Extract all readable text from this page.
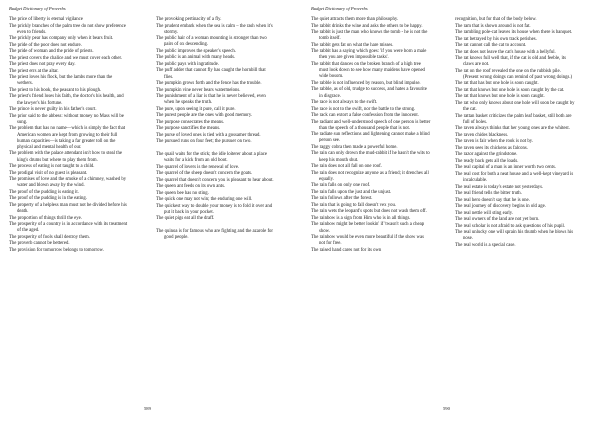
Budget Dictionary of Proverbs
The price of liberty is eternal vigilance
The prickly branches of the palm tree do not show preference even to friends.
The prickly pear has company only when it bears fruit.
The pride of the poor does not endure.
The pride of woman and the pride of priests.
The priest covers the chalice and we must cover each other.
The priest does not pray every day.
The priest errs at the altar.
The priest loves his flock, but the lambs more than the wethers.
The priest to his book, the peasant to his plough.
The priest's friend loses his faith, the doctor's his health, and the lawyer's his fortune.
The prince is never guilty in his father's court.
The prior said to the abbess: without money no Mass will be sung.
The problem that has no name—which is simply the fact that American women are kept from growing to their full human capacities—is taking a far greater toll on the physical and mental health of our.
The problem with the palace attendant isn't how to steal the king's drums but where to play them from.
The process of eating is not taught to a child.
The prodigal visit of no guest is pleasant.
The promises of love and the smoke of a chimney, washed by water and blown away by the wind.
The proof of the pudding is eating it.
The proof of the pudding is in the eating.
The property of a helpless man must not be divided before his death.
The proportion of things thrill the eye.
The prosperity of a country is in accordance with its treatment of the aged.
The prosperity of fools shall destroy them.
The proverb cannot be bettered.
The provision for tomorrow belongs to tomorrow.
The provoking pertinacity of a fly.
The prudent embark when the sea is calm – the rash when it's stormy.
The public hair of a woman mounting is stronger than two pairs of ox descending.
The public improves the speaker's speech.
The public is an animal with many heads.
The public pays with ingratitude.
The puff adder that cannot fly has caught the hornbill that flies.
The pumpkin grows forth and the fence has the trouble.
The pumpkin vine never bears watermelons.
The punishment of a liar is that he is never believed, even when he speaks the truth.
The pure, upon seeing it pure, call it pure.
The purest people are the ones with good memory.
The purpose consecrates the means.
The purpose sanctifies the means.
The purse of loved ones is tied with a gossamer thread.
The pursued runs on four feet; the pursuer on two.
The quail waits for the stick; the idle loiterer about a place waits for a kick from an old boot.
The quarrel of lovers is the renewal of love.
The quarrel of the sheep doesn't concern the goats.
The quarrel that doesn't concern you is pleasant to hear about.
The queen ant feeds on its own ants.
The queen bee has no sting.
The quick one may not win; the enduring one will.
The quickest way to double your money is to fold it over and put it back in your pocket.
The quiet pigs eat all the draff.
The quinoa is for famous who are fighting and the azarole for good people.
589
Budget Dictionary of Proverbs
The quiet attracts them more than philosophy.
The rabbit drinks the wine and asks the others to be happy.
The rabbit is just the man who knows the tomb - he is not the tomb itself.
The rabbit gets fat on what the hare misses.
The rabbit has a saying which goes: 'if you were born a male then you are given impossible tasks'.
The rabbit that dances on the broken branch of a high tree must look down to see how many maidens have opened wide bosom.
The rabble is not influenced by reason, but blind impulse.
The rabble, as of old, trudge to success, and hates a favourite in disgrace.
The race is not always to the swift.
The race is not to the swift, nor the battle to the strong.
The rack can extort a false confession from the innocent.
The radiant and well-understood speech of one person is better than the speech of a thousand people that is not.
The radiate sun reflections and lightening cannot make a blind person see.
The raggy cobra then made a powerful home.
The rain can only drown the mud-rabbit if he hasn't the wits to keep his mouth shut.
The rain does not all fall on one roof.
The rain does not recognize anyone as a friend; it drenches all equally.
The rain falls on only one roof.
The rain falls upon the just and the unjust.
The rain follows after the forest.
The rain that is going to fall doesn't vex you.
The rain wets the leopard's spots but does not wash them off.
The rainbow is a sign from Him who is in all things.
The rainbow might be better lookin' if 'twasn't such a cheap show.
The rainbow would be even more beautiful if the show was not for free.
The raised hand cares not for its own
recognition, but for that of the body below.
The ram that is shown around is not fat.
The rambling pole-cat leaves its house when there is banquet.
The rat betrayed by his own track perishes.
The rat cannot call the cat to account.
The rat does not leave the cat's house with a bellyful.
The rat knows full well that, if the cat is old and feeble, its claws are not.
The rat on the roof revealed the one on the rubbish pile. (Present wrong doings can remind of past wrong doings.)
The rat that has but one hole is soon caught.
The rat that knows but one hole is soon caught by the cat.
The rat that knows but one hole is soon caught.
The rat who only knows about one hole will soon be caught by the cat.
The rattan basket criticizes the palm leaf basket, still both are full of holes.
The raven always thinks that her young ones are the whitest.
The raven chides blackness.
The raven is fair when the rook is not by.
The raven sees its chickens as falcons.
The razor against the grindstone.
The ready back gets all the loads.
The real capital of a man is an inner worth two cents.
The real cost for both a neat house and a well-kept vineyard is incalculable.
The real estate is today's estate not yesterdays.
The real friend tells the bitter truth.
The real hero doesn't say that he is one.
The real journey of discovery begins in old age.
The real nettle will sting early.
The real owners of the land are not yet born.
The real scholar is not afraid to ask questions of his pupil.
The real unlucky one will sprain his thumb when he blows his nose.
The real world is a special case.
590
